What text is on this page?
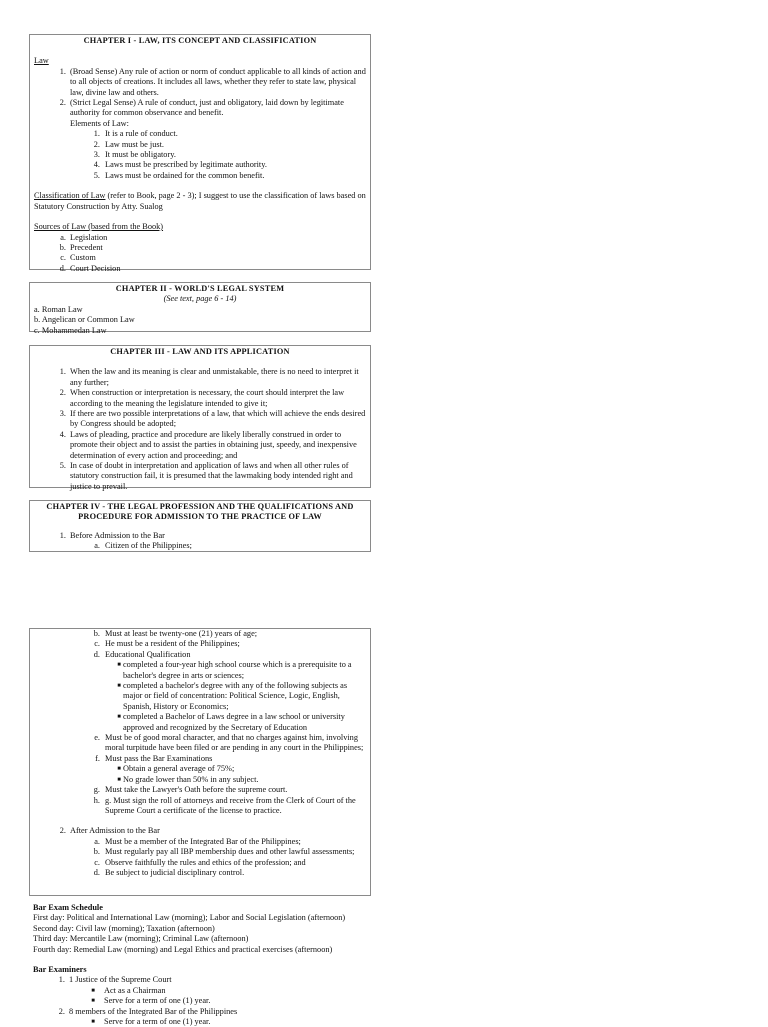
CHAPTER I - LAW, ITS CONCEPT AND CLASSIFICATION
Law
1. (Broad Sense) Any rule of action or norm of conduct applicable to all kinds of action and to all objects of creations. It includes all laws, whether they refer to state law, physical law, divine law and others.
2. (Strict Legal Sense) A rule of conduct, just and obligatory, laid down by legitimate authority for common observance and benefit.
Elements of Law:
1. It is a rule of conduct.
2. Law must be just.
3. It must be obligatory.
4. Laws must be prescribed by legitimate authority.
5. Laws must be ordained for the common benefit.
Classification of Law (refer to Book, page 2 - 3); I suggest to use the classification of laws based on Statutory Construction by Atty. Sualog
Sources of Law (based from the Book)
a. Legislation
b. Precedent
c. Custom
d. Court Decision
CHAPTER II - WORLD'S LEGAL SYSTEM
(See text, page 6 - 14)
a. Roman Law
b. Angelican or Common Law
c. Mohammedan Law
CHAPTER III - LAW AND ITS APPLICATION
1. When the law and its meaning is clear and unmistakable, there is no need to interpret it any further;
2. When construction or interpretation is necessary, the court should interpret the law according to the meaning the legislature intended to give it;
3. If there are two possible interpretations of a law, that which will achieve the ends desired by Congress should be adopted;
4. Laws of pleading, practice and procedure are likely liberally construed in order to promote their object and to assist the parties in obtaining just, speedy, and inexpensive determination of every action and proceeding; and
5. In case of doubt in interpretation and application of laws and when all other rules of statutory construction fail, it is presumed that the lawmaking body intended right and justice to prevail.
CHAPTER IV - THE LEGAL PROFESSION AND THE QUALIFICATIONS AND PROCEDURE FOR ADMISSION TO THE PRACTICE OF LAW
1. Before Admission to the Bar
a. Citizen of the Philippines;
b. Must at least be twenty-one (21) years of age;
c. He must be a resident of the Philippines;
d. Educational Qualification
■ completed a four-year high school course which is a prerequisite to a bachelor's degree in arts or sciences;
■ completed a bachelor's degree with any of the following subjects as major or field of concentration: Political Science, Logic, English, Spanish, History or Economics;
■ completed a Bachelor of Laws degree in a law school or university approved and recognized by the Secretary of Education
e. Must be of good moral character, and that no charges against him, involving moral turpitude have been filed or are pending in any court in the Philippines;
f. Must pass the Bar Examinations
■ Obtain a general average of 75%;
■ No grade lower than 50% in any subject.
g. Must take the Lawyer's Oath before the supreme court.
h. g. Must sign the roll of attorneys and receive from the Clerk of Court of the Supreme Court a certificate of the license to practice.
2. After Admission to the Bar
a. Must be a member of the Integrated Bar of the Philippines;
b. Must regularly pay all IBP membership dues and other lawful assessments;
c. Observe faithfully the rules and ethics of the profession; and
d. Be subject to judicial disciplinary control.
Bar Exam Schedule
First day: Political and International Law (morning); Labor and Social Legislation (afternoon)
Second day: Civil law (morning); Taxation (afternoon)
Third day: Mercantile Law (morning); Criminal Law (afternoon)
Fourth day: Remedial Law (morning) and Legal Ethics and practical exercises (afternoon)
Bar Examiners
1. 1 Justice of the Supreme Court
■	Act as a Chairman
■	Serve for a term of one (1) year.
2. 8 members of the Integrated Bar of the Philippines
■	Serve for a term of one (1) year.
